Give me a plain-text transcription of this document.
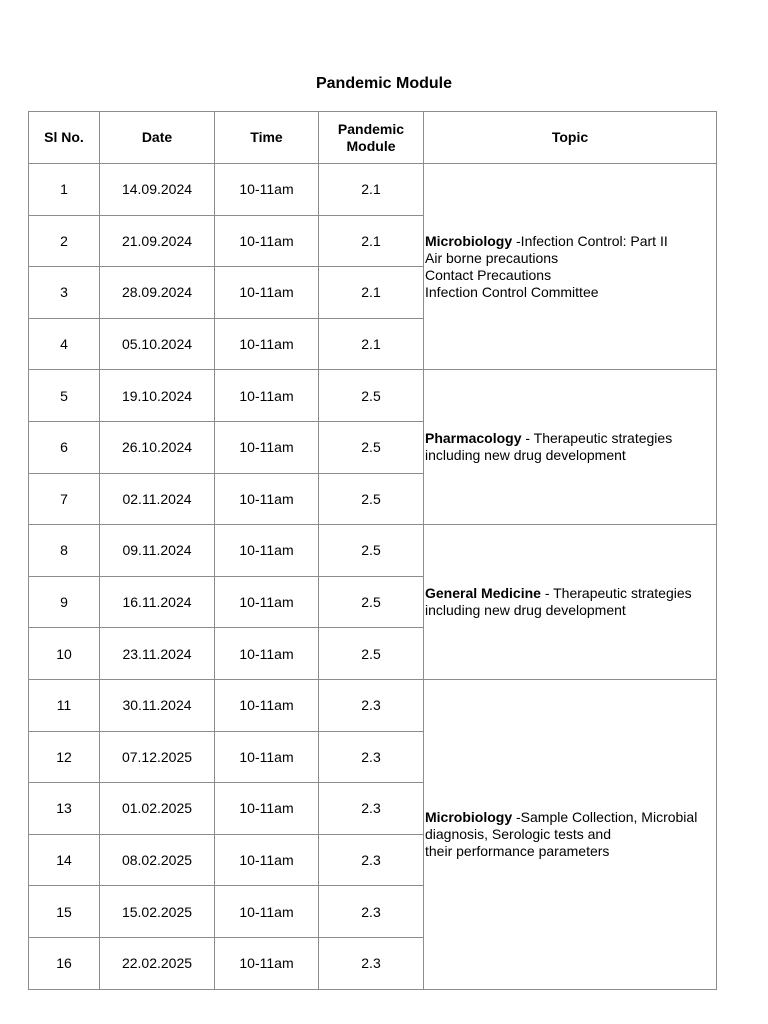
Pandemic Module
Sl No.	Date	Time	Pandemic Module	Topic
1	14.09.2024	10-11am	2.1	Microbiology -Infection Control: Part II
Air borne precautions
Contact Precautions
Infection Control Committee

2	21.09.2024	10-11am	2.1	
3	28.09.2024	10-11am	2.1	
4	05.10.2024	10-11am	2.1	
5	19.10.2024	10-11am	2.5	Pharmacology - Therapeutic strategies
including new drug development

6	26.10.2024	10-11am	2.5	
7	02.11.2024	10-11am	2.5	
8	09.11.2024	10-11am	2.5	General Medicine - Therapeutic strategies
including new drug development

9	16.11.2024	10-11am	2.5	
10	23.11.2024	10-11am	2.5	
11	30.11.2024	10-11am	2.3	Microbiology -Sample Collection, Microbial
diagnosis, Serologic tests and
their performance parameters

12	07.12.2025	10-11am	2.3	
13	01.02.2025	10-11am	2.3	
14	08.02.2025	10-11am	2.3	
15	15.02.2025	10-11am	2.3	
16	22.02.2025	10-11am	2.3	
